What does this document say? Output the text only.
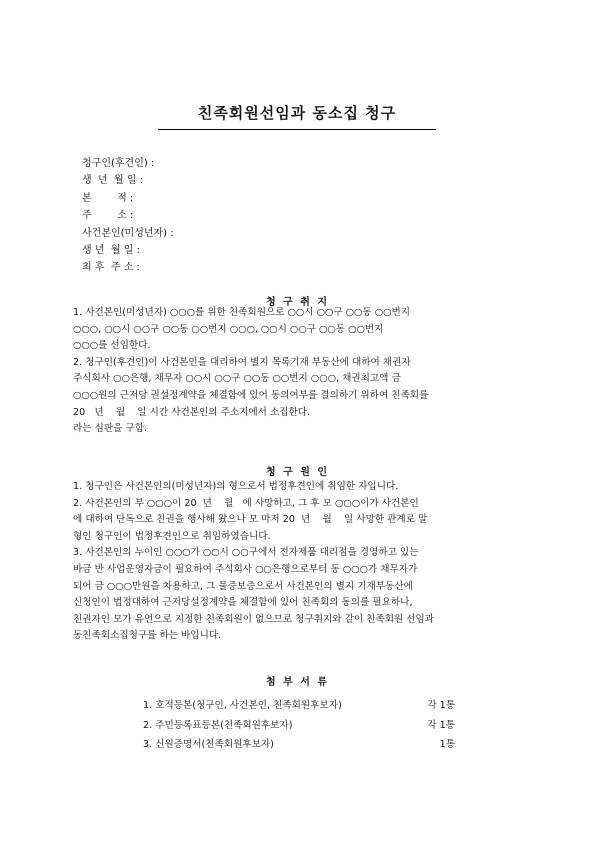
친족회원선임과 동소집 청구
청구인(후견인) :
생  년  월 일 :
본        적 :
주        소 :
사건본인(미성년자) :
생 년  월 일 :
최 후  주 소 :
청 구 취 지

1. 사건본인(미성년자) ○○○를 위한 친족회원으로 ○○시 ○○구 ○○동 ○○번지

○○○, ○○시 ○○구 ○○동 ○○번지 ○○○, ○○시 ○○구 ○○동 ○○번지

○○○를 선임한다.

2. 청구인(후견인)이 사건본인을 대리하여 별지 목록기재 부동산에 대하여 채권자

주식회사 ○○은행, 채무자 ○○시 ○○구 ○○동 ○○번지 ○○○, 채권최고액 금

○○○원의 근저당 권설정계약을 체결함에 있어 동의여부를 결의하기 위하여 친족회를

20   년    월    일 시간 사건본인의 주소지에서 소집한다.

라는 심판을 구함.

청 구 원 인

1. 청구인은 사건본인의(미성년자)의 형으로서 법정후견인에 취임한 자입니다.

2. 사건본인의 부 ○○○이 20  년    월   에 사망하고, 그 후 모 ○○○이가 사건본인

에 대하여 단독으로 친권을 행사해 왔으나 모 마저 20  년    월    일 사망한 관계로 말

형인 청구인이 법정후견인으로 취임하였습니다.

3. 사건본인의 누이인 ○○○가 ○○시 ○○구에서 전자제품 대리점을 경영하고 있는

바금 반 사업운영자금이 필요하여 주식회사 ○○은행으로부터 동 ○○○가 채무자가

되어 금 ○○○만원을 차용하고, 그 물증보증으로서 사건본인의 별지 기재부동산에

신청인이 법정대하여 근저당설정계약을 체결함에 있어 친족회의 동의를 필요하나,

친권자인 모가 유언으로 지정한 친족회원이 없으므로 청구취지와 같이 친족회원 선임과

동친족회소집청구를 하는 바입니다.

첨 부 서 류
1. 호적등본(청구인, 사건본인, 친족회원후보자)	각 1통
2. 주민등록표등본(친족회원후보자)	각 1통
3. 신원증명서(친족회원후보자)	1통
